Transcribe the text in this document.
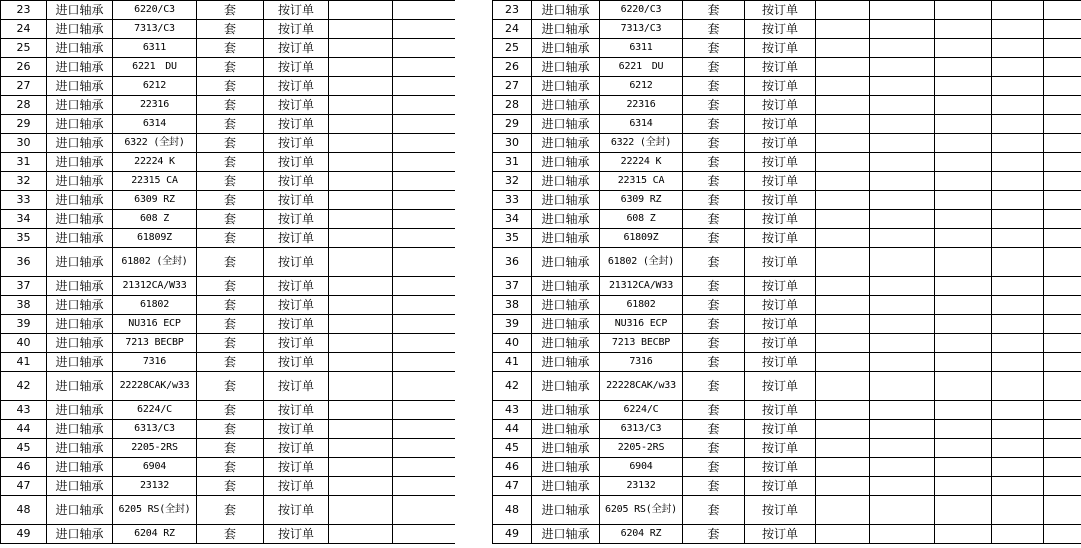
23	进口轴承	6220/C3	套	按订单		
24	进口轴承	7313/C3	套	按订单		
25	进口轴承	6311	套	按订单		
26	进口轴承	6221　DU	套	按订单		
27	进口轴承	6212	套	按订单		
28	进口轴承	22316	套	按订单		
29	进口轴承	6314	套	按订单		
30	进口轴承	6322 (全封)	套	按订单		
31	进口轴承	22224 K	套	按订单		
32	进口轴承	22315 CA	套	按订单		
33	进口轴承	6309 RZ	套	按订单		
34	进口轴承	608 Z	套	按订单		
35	进口轴承	61809Z	套	按订单		
36	进口轴承	61802 (全封)	套	按订单		
37	进口轴承	21312CA/W33	套	按订单		
38	进口轴承	61802	套	按订单		
39	进口轴承	NU316 ECP	套	按订单		
40	进口轴承	7213 BECBP	套	按订单		
41	进口轴承	7316	套	按订单		
42	进口轴承	22228CAK/w33	套	按订单		
43	进口轴承	6224/C	套	按订单		
44	进口轴承	6313/C3	套	按订单		
45	进口轴承	2205-2RS	套	按订单		
46	进口轴承	6904	套	按订单		
47	进口轴承	23132	套	按订单		
48	进口轴承	6205 RS(全封)	套	按订单		
49	进口轴承	6204 RZ	套	按订单		
23	进口轴承	6220/C3	套	按订单					
24	进口轴承	7313/C3	套	按订单					
25	进口轴承	6311	套	按订单					
26	进口轴承	6221　DU	套	按订单					
27	进口轴承	6212	套	按订单					
28	进口轴承	22316	套	按订单					
29	进口轴承	6314	套	按订单					
30	进口轴承	6322 (全封)	套	按订单					
31	进口轴承	22224 K	套	按订单					
32	进口轴承	22315 CA	套	按订单					
33	进口轴承	6309 RZ	套	按订单					
34	进口轴承	608 Z	套	按订单					
35	进口轴承	61809Z	套	按订单					
36	进口轴承	61802 (全封)	套	按订单					
37	进口轴承	21312CA/W33	套	按订单					
38	进口轴承	61802	套	按订单					
39	进口轴承	NU316 ECP	套	按订单					
40	进口轴承	7213 BECBP	套	按订单					
41	进口轴承	7316	套	按订单					
42	进口轴承	22228CAK/w33	套	按订单					
43	进口轴承	6224/C	套	按订单					
44	进口轴承	6313/C3	套	按订单					
45	进口轴承	2205-2RS	套	按订单					
46	进口轴承	6904	套	按订单					
47	进口轴承	23132	套	按订单					
48	进口轴承	6205 RS(全封)	套	按订单					
49	进口轴承	6204 RZ	套	按订单					
